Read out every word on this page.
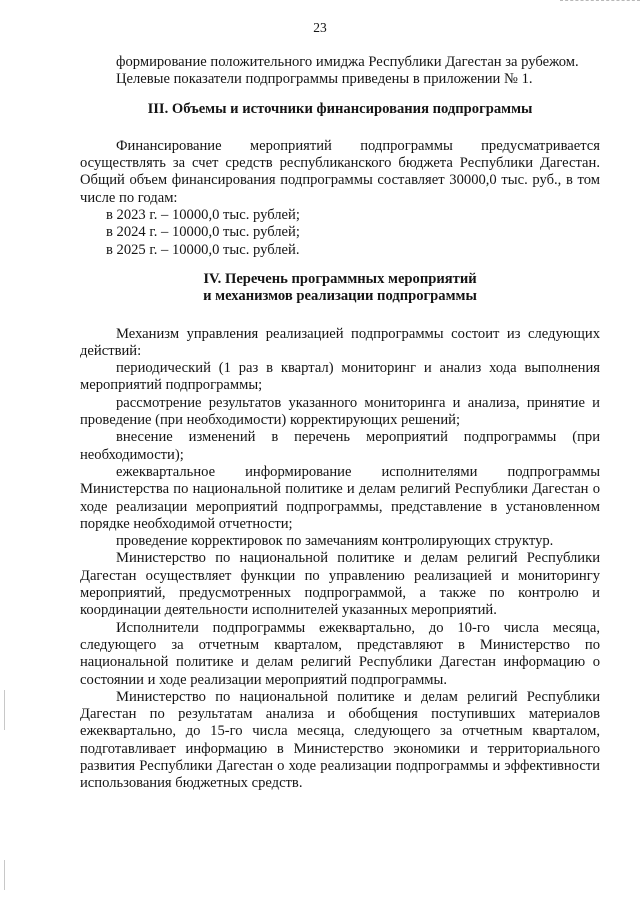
23

формирование положительного имиджа Республики Дагестан за рубежом.

Целевые показатели подпрограммы приведены в приложении № 1.

III. Объемы и источники финансирования подпрограммы

Финансирование мероприятий подпрограммы предусматривается осуществлять за счет средств республиканского бюджета Республики Дагестан. Общий объем финансирования подпрограммы составляет 30000,0 тыс. руб., в том числе по годам:

в 2023 г. – 10000,0 тыс. рублей;

в 2024 г. – 10000,0 тыс. рублей;

в 2025 г. – 10000,0 тыс. рублей.

IV. Перечень программных мероприятий

и механизмов реализации подпрограммы

Механизм управления реализацией подпрограммы состоит из следующих действий:

периодический (1 раз в квартал) мониторинг и анализ хода выполнения мероприятий подпрограммы;

рассмотрение результатов указанного мониторинга и анализа, принятие и проведение (при необходимости) корректирующих решений;

внесение изменений в перечень мероприятий подпрограммы (при необходимости);

ежеквартальное информирование исполнителями подпрограммы Министерства по национальной политике и делам религий Республики Дагестан о ходе реализации мероприятий подпрограммы, представление в установленном порядке необходимой отчетности;

проведение корректировок по замечаниям контролирующих структур.

Министерство по национальной политике и делам религий Республики Дагестан осуществляет функции по управлению реализацией и мониторингу мероприятий, предусмотренных подпрограммой, а также по контролю и координации деятельности исполнителей указанных мероприятий.

Исполнители подпрограммы ежеквартально, до 10-го числа месяца, следующего за отчетным кварталом, представляют в Министерство по национальной политике и делам религий Республики Дагестан информацию о состоянии и ходе реализации мероприятий подпрограммы.

Министерство по национальной политике и делам религий Республики Дагестан по результатам анализа и обобщения поступивших материалов ежеквартально, до 15-го числа месяца, следующего за отчетным кварталом, подготавливает информацию в Министерство экономики и территориального развития Республики Дагестан о ходе реализации подпрограммы и эффективности использования бюджетных средств.
